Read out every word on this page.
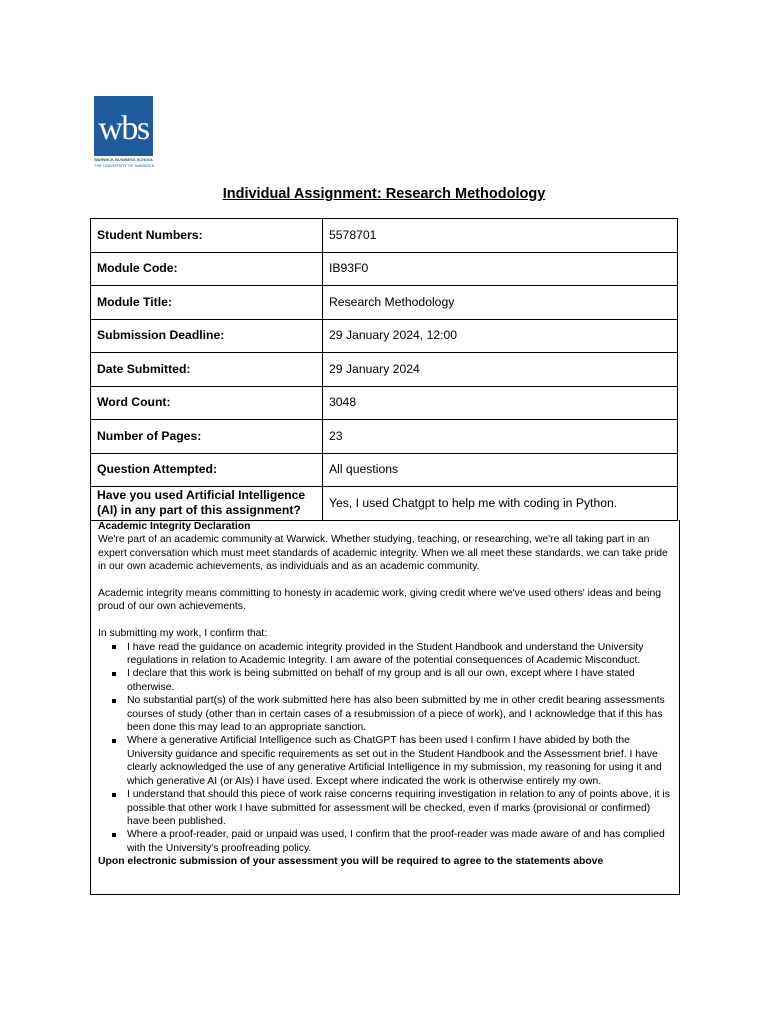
wbs
WARWICK BUSINESS SCHOOL
THE UNIVERSITY OF WARWICK
Individual Assignment: Research Methodology
Student Numbers:	5578701
Module Code:	IB93F0
Module Title:	Research Methodology
Submission Deadline:	29 January 2024, 12:00
Date Submitted:	29 January 2024
Word Count:	3048
Number of Pages:	23
Question Attempted:	All questions
Have you used Artificial Intelligence (AI) in any part of this assignment?	Yes, I used Chatgpt to help me with coding in Python.

Academic Integrity Declaration

We're part of an academic community at Warwick. Whether studying, teaching, or researching, we're all taking part in an expert conversation which must meet standards of academic integrity. When we all meet these standards, we can take pride in our own academic achievements, as individuals and as an academic community.

Academic integrity means committing to honesty in academic work, giving credit where we've used others' ideas and being proud of our own achievements.

In submitting my work, I confirm that:

I have read the guidance on academic integrity provided in the Student Handbook and understand the University regulations in relation to Academic Integrity. I am aware of the potential consequences of Academic Misconduct.
I declare that this work is being submitted on behalf of my group and is all our own, except where I have stated otherwise.
No substantial part(s) of the work submitted here has also been submitted by me in other credit bearing assessments courses of study (other than in certain cases of a resubmission of a piece of work), and I acknowledge that if this has been done this may lead to an appropriate sanction.
Where a generative Artificial Intelligence such as ChatGPT has been used I confirm I have abided by both the University guidance and specific requirements as set out in the Student Handbook and the Assessment brief. I have clearly acknowledged the use of any generative Artificial Intelligence in my submission, my reasoning for using it and which generative AI (or AIs) I have used. Except where indicated the work is otherwise entirely my own.
I understand that should this piece of work raise concerns requiring investigation in relation to any of points above, it is possible that other work I have submitted for assessment will be checked, even if marks (provisional or confirmed) have been published.
Where a proof-reader, paid or unpaid was used, I confirm that the proof-reader was made aware of and has complied with the University's proofreading policy.

Upon electronic submission of your assessment you will be required to agree to the statements above
